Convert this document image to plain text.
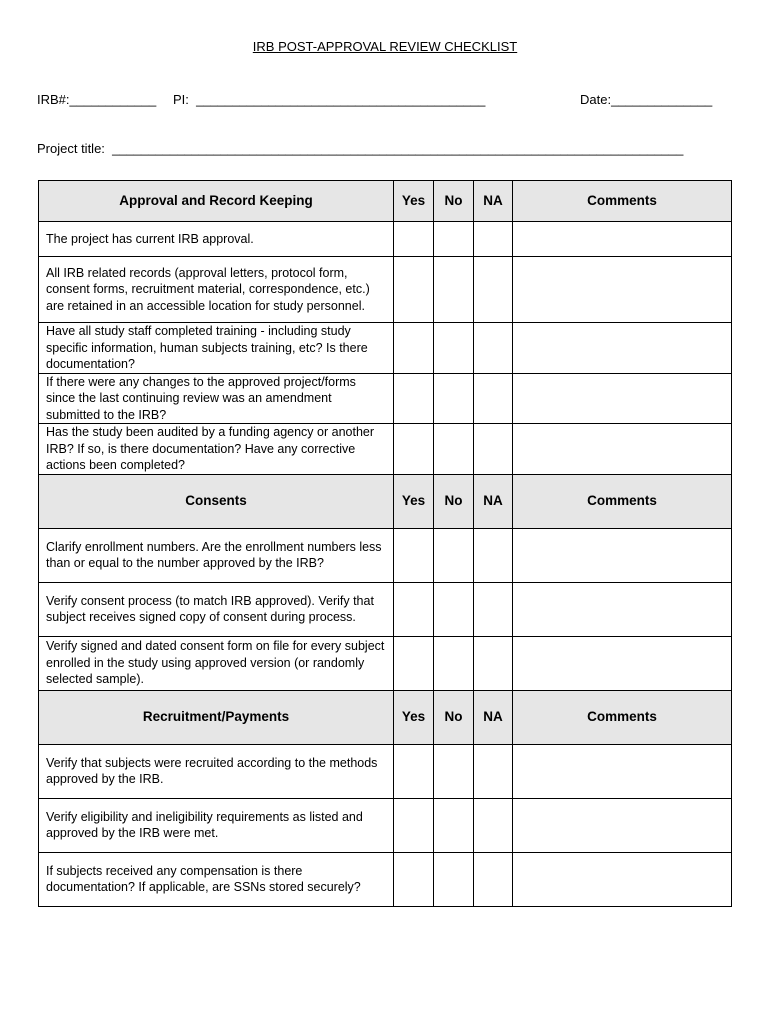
IRB POST-APPROVAL REVIEW CHECKLIST
IRB#:____________ PI:  ________________________________________	Date:______________
Project title:  _______________________________________________________________________________
Approval and Record Keeping	Yes	No	NA	Comments
The project has current IRB approval.				
All IRB related records (approval letters, protocol form, consent forms, recruitment material, correspondence, etc.) are retained in an accessible location for study personnel.				
Have all study staff completed training - including study specific information, human subjects training, etc? Is there documentation?				
If there were any changes to the approved project/forms since the last continuing review was an amendment submitted to the IRB?				
Has the study been audited by a funding agency or another IRB? If so, is there documentation? Have any corrective actions been completed?				
Consents	Yes	No	NA	Comments
Clarify enrollment numbers. Are the enrollment numbers less than or equal to the number approved by the IRB?				
Verify consent process (to match IRB approved). Verify that subject receives signed copy of consent during process.				
Verify signed and dated consent form on file for every subject enrolled in the study using approved version (or randomly selected sample).				
Recruitment/Payments	Yes	No	NA	Comments
Verify that subjects were recruited according to the methods approved by the IRB.				
Verify eligibility and ineligibility requirements as listed and approved by the IRB were met.				
If subjects received any compensation is there documentation? If applicable, are SSNs stored securely?				
